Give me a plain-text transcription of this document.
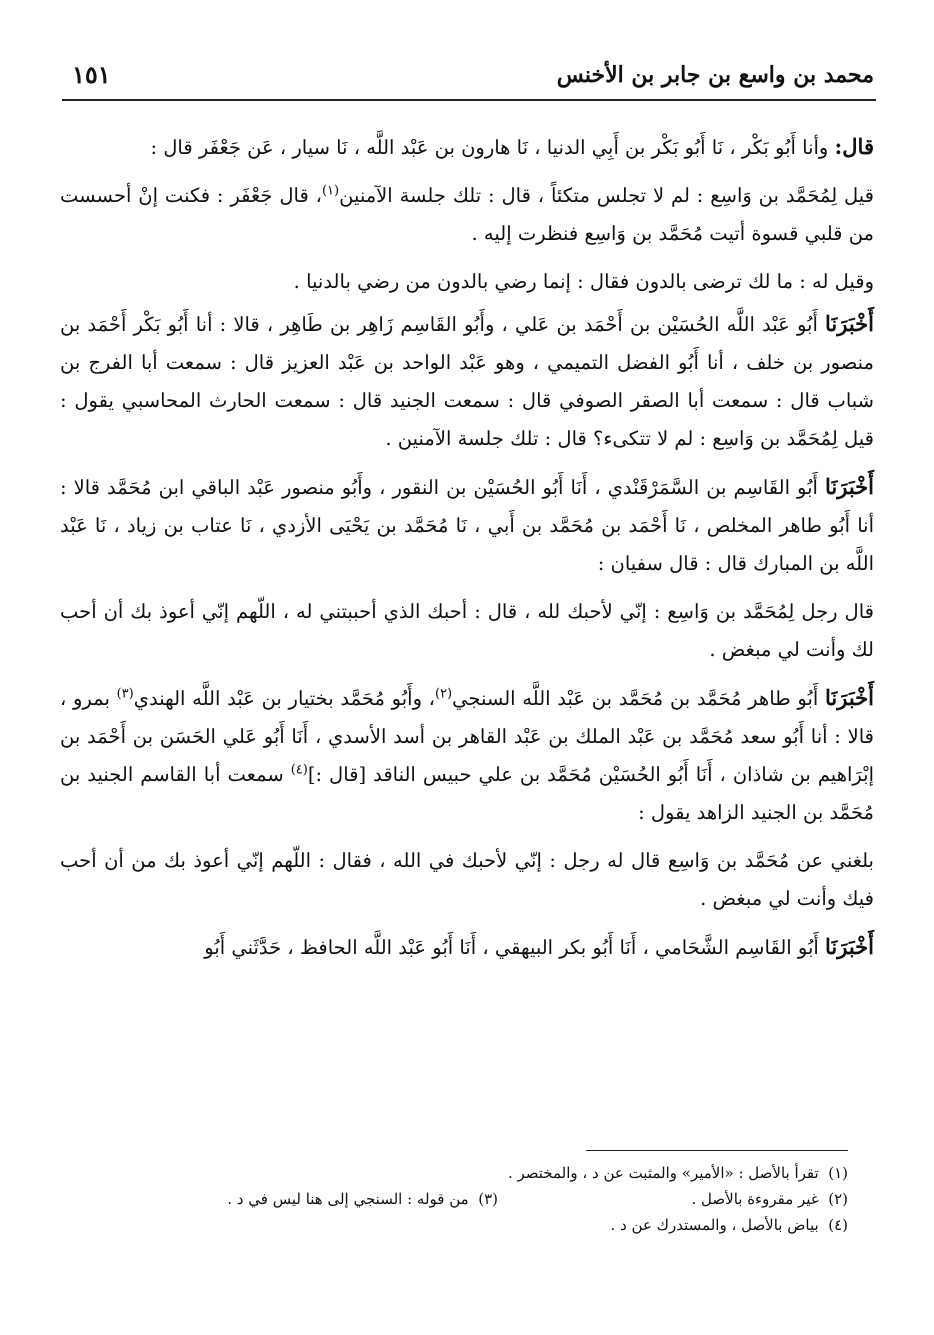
١٥١	محمد بن واسع بن جابر بن الأخنس

قال: وأنا أَبُو بَكْر ، نَا أَبُو بَكْر بن أَبِي الدنيا ، نَا هارون بن عَبْد اللَّه ، نَا سيار ، عَن جَعْفَر قال :

قيل لِمُحَمَّد بن وَاسِع : لم لا تجلس متكئاً ، قال : تلك جلسة الآمنين$^{(١)}$، قال جَعْفَر : فكنت إنْ أحسست من قلبي قسوة أتيت مُحَمَّد بن وَاسِع فنظرت إليه .

وقيل له : ما لك ترضى بالدون فقال : إنما رضي بالدون من رضي بالدنيا .

أَخْبَرَنَا أَبُو عَبْد اللَّه الحُسَيْن بن أَحْمَد بن عَلي ، وأَبُو القَاسِم زَاهِر بن طَاهِر ، قالا : أنا أَبُو بَكْر أَحْمَد بن منصور بن خلف ، أنا أَبُو الفضل التميمي ، وهو عَبْد الواحد بن عَبْد العزيز قال : سمعت أبا الفرج بن شباب قال : سمعت أبا الصقر الصوفي قال : سمعت الجنيد قال : سمعت الحارث المحاسبي يقول : قيل لِمُحَمَّد بن وَاسِع : لم لا تتكىء؟ قال : تلك جلسة الآمنين .

أَخْبَرَنَا أَبُو القَاسِم بن السَّمَرْقَنْدي ، أَنَا أَبُو الحُسَيْن بن النقور ، وأَبُو منصور عَبْد الباقي ابن مُحَمَّد قالا : أنا أَبُو طاهر المخلص ، نَا أَحْمَد بن مُحَمَّد بن أَبي ، نَا مُحَمَّد بن يَحْيَى الأزدي ، نَا عتاب بن زياد ، نَا عَبْد اللَّه بن المبارك قال : قال سفيان :

قال رجل لِمُحَمَّد بن وَاسِع : إنّي لأحبك لله ، قال : أحبك الذي أحببتني له ، اللّهم إنّي أعوذ بك أن أحب لك وأنت لي مبغض .

أَخْبَرَنَا أَبُو طاهر مُحَمَّد بن مُحَمَّد بن عَبْد اللَّه السنجي$^{(٢)}$، وأَبُو مُحَمَّد بختيار بن عَبْد اللَّه الهندي$^{(٣)}$ بمرو ، قالا : أنا أَبُو سعد مُحَمَّد بن عَبْد الملك بن عَبْد القاهر بن أسد الأسدي ، أَنَا أَبُو عَلي الحَسَن بن أَحْمَد بن إبْرَاهيم بن شاذان ، أَنَا أَبُو الحُسَيْن مُحَمَّد بن علي حبيس الناقد [قال :]$^{(٤)}$ سمعت أبا القاسم الجنيد بن مُحَمَّد بن الجنيد الزاهد يقول :

بلغني عن مُحَمَّد بن وَاسِع قال له رجل : إنّي لأحبك في الله ، فقال : اللّهم إنّي أعوذ بك من أن أحب فيك وأنت لي مبغض .

أَخْبَرَنَا أَبُو القَاسِم الشَّحَامي ، أَنَا أَبُو بكر البيهقي ، أَنَا أَبُو عَبْد اللَّه الحافظ ، حَدَّثَني أَبُو

(١)  تقرأ بالأصل : «الأمير» والمثبت عن د ، والمختصر .
(٢)  غير مقروءة بالأصل .
(٣)  من قوله : السنجي إلى هنا ليس في د .
(٤)  بياض بالأصل ، والمستدرك عن د .
